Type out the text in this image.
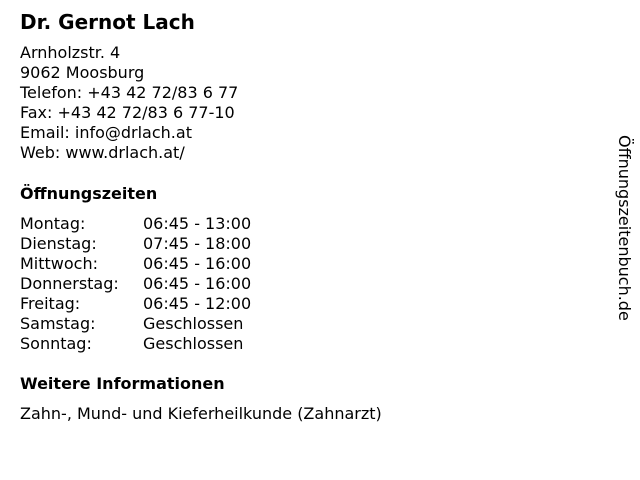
Dr. Gernot Lach
Arnholzstr. 4
9062 Moosburg
Telefon: +43 42 72/83 6 77
Fax: +43 42 72/83 6 77-10
Email: info@drlach.at
Web: www.drlach.at/
Öffnungszeiten
Montag:	06:45 - 13:00
Dienstag:	07:45 - 18:00
Mittwoch:	06:45 - 16:00
Donnerstag: 06:45 - 16:00
Freitag:	06:45 - 12:00
Samstag:	Geschlossen
Sonntag:	Geschlossen
Weitere Informationen
Zahn-, Mund- und Kieferheilkunde (Zahnarzt)
Öffnungszeitenbuch.de
